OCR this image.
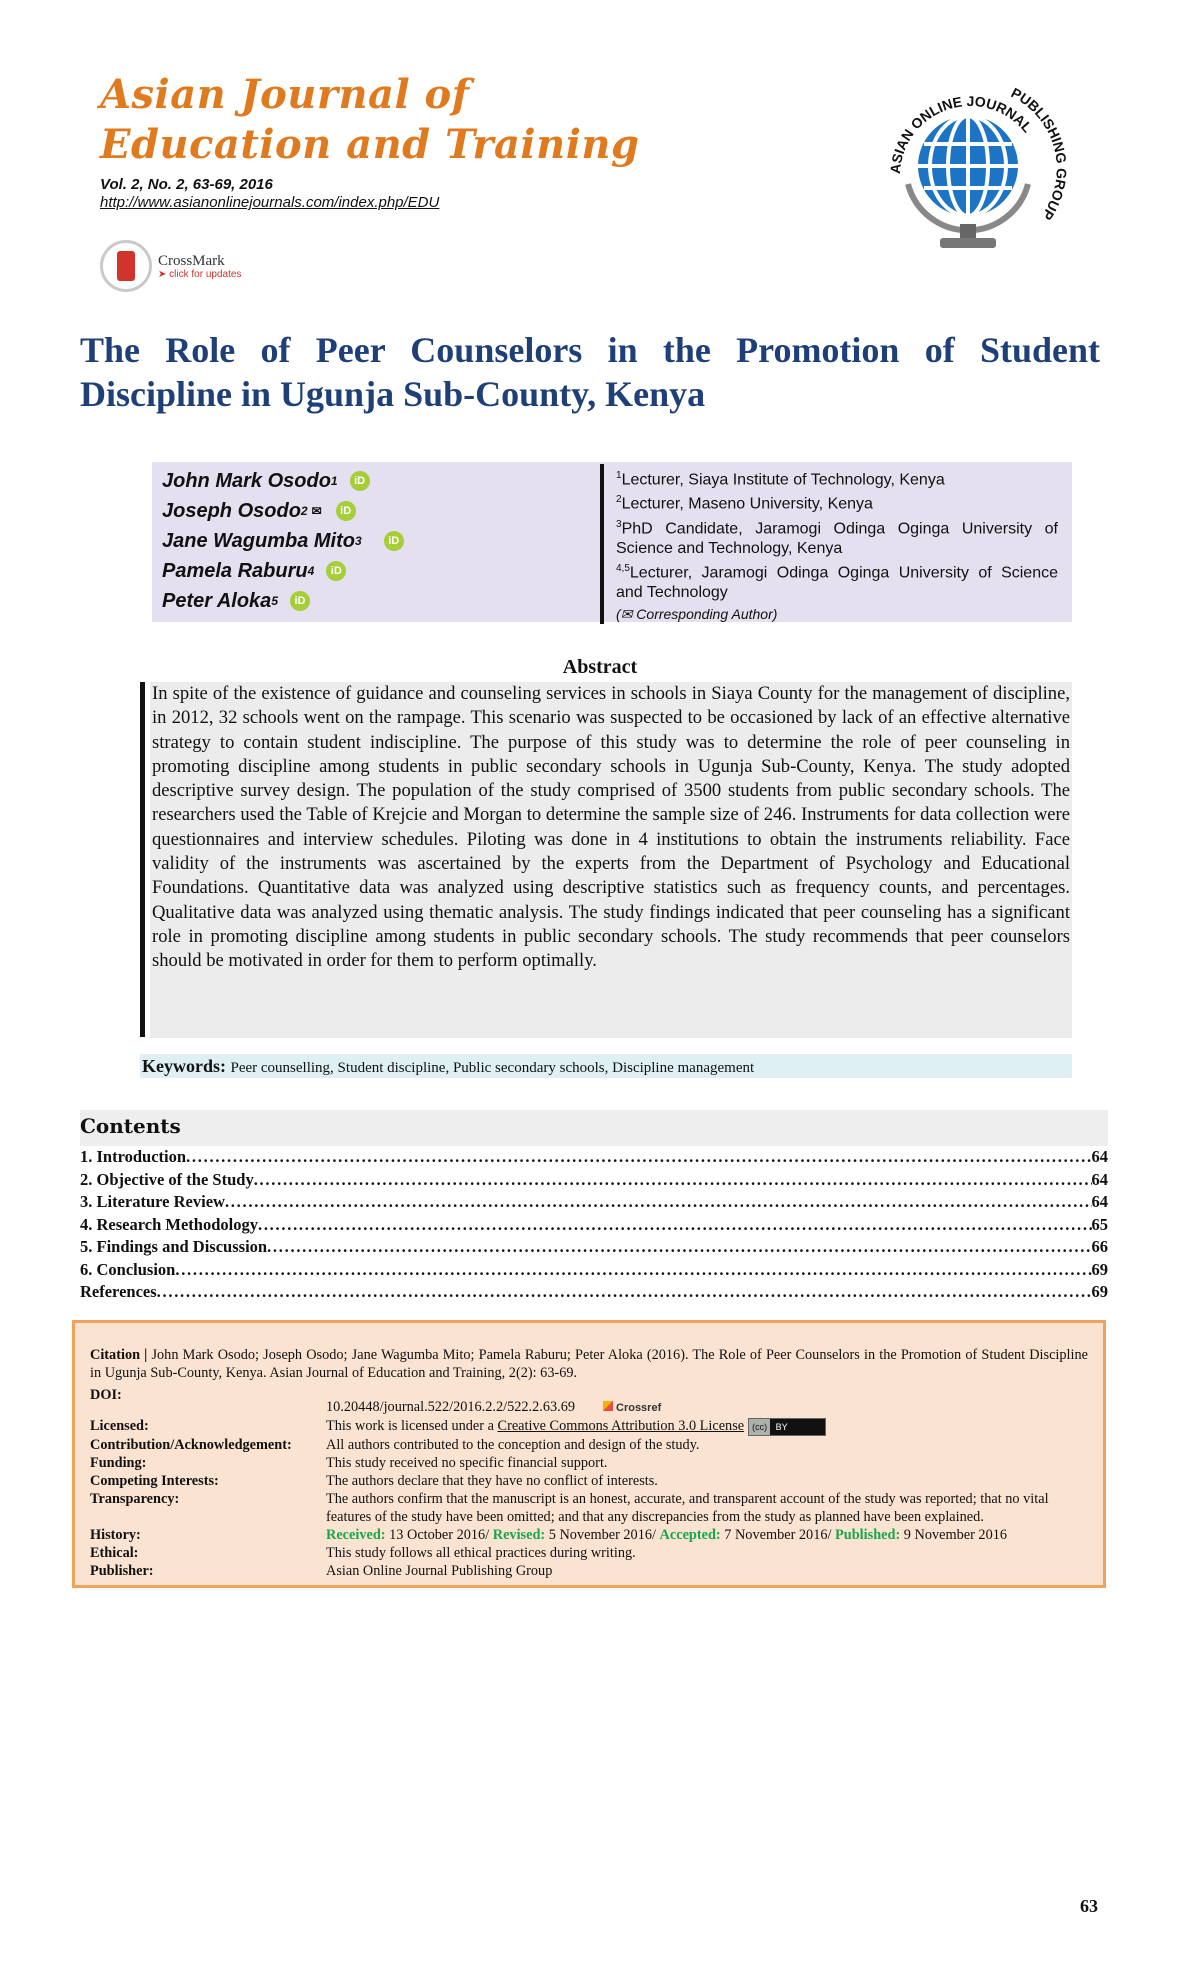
Asian Journal of
Education and Training
Vol. 2, No. 2, 63-69, 2016
http://www.asianonlinejournals.com/index.php/EDU
CrossMark
➤ click for updates
ASIAN ONLINE JOURNAL
PUBLISHING GROUP
The Role of Peer Counselors in the Promotion of Student Discipline in Ugunja Sub-County, Kenya
John Mark Osodo 1	iD
Joseph Osodo 2 ✉	iD
Jane Wagumba Mito 3	iD
Pamela Raburu 4	iD
Peter Aloka 5	iD
$^1$Lecturer, Siaya Institute of Technology, Kenya
$^2$Lecturer, Maseno University, Kenya
$^3$PhD Candidate, Jaramogi Odinga Oginga University of Science and Technology, Kenya
$^{4,5}$Lecturer, Jaramogi Odinga Oginga University of Science and Technology
(✉ Corresponding Author)
Abstract
In spite of the existence of guidance and counseling services in schools in Siaya County for the management of discipline, in 2012, 32 schools went on the rampage. This scenario was suspected to be occasioned by lack of an effective alternative strategy to contain student indiscipline. The purpose of this study was to determine the role of peer counseling in promoting discipline among students in public secondary schools in Ugunja Sub-County, Kenya. The study adopted descriptive survey design. The population of the study comprised of 3500 students from public secondary schools. The researchers used the Table of Krejcie and Morgan to determine the sample size of 246. Instruments for data collection were questionnaires and interview schedules. Piloting was done in 4 institutions to obtain the instruments reliability. Face validity of the instruments was ascertained by the experts from the Department of Psychology and Educational Foundations. Quantitative data was analyzed using descriptive statistics such as frequency counts, and percentages. Qualitative data was analyzed using thematic analysis. The study findings indicated that peer counseling has a significant role in promoting discipline among students in public secondary schools. The study recommends that peer counselors should be motivated in order for them to perform optimally.
Keywords: Peer counselling, Student discipline, Public secondary schools, Discipline management
Contents
1. Introduction . . .	64
2. Objective of the Study . . .	64
3. Literature Review . . .	64
4. Research Methodology . . .	65
5. Findings and Discussion . . .	66
6. Conclusion . . .	69
References . . .	69
Citation | John Mark Osodo; Joseph Osodo; Jane Wagumba Mito; Pamela Raburu; Peter Aloka (2016). The Role of Peer Counselors in the Promotion of Student Discipline in Ugunja Sub-County, Kenya. Asian Journal of Education and Training, 2(2): 63-69.
DOI:
10.20448/journal.522/2016.2.2/522.2.63.69	Crossref
Licensed:	This work is licensed under a Creative Commons Attribution 3.0 License (cc) BY
Contribution/Acknowledgement:	All authors contributed to the conception and design of the study.
Funding:	This study received no specific financial support.
Competing Interests:	The authors declare that they have no conflict of interests.
Transparency:	The authors confirm that the manuscript is an honest, accurate, and transparent account of the study was reported; that no vital features of the study have been omitted; and that any discrepancies from the study as planned have been explained.
History:	Received: 13 October 2016/ Revised: 5 November 2016/ Accepted: 7 November 2016/ Published: 9 November 2016
Ethical:	This study follows all ethical practices during writing.
Publisher:	Asian Online Journal Publishing Group
63
